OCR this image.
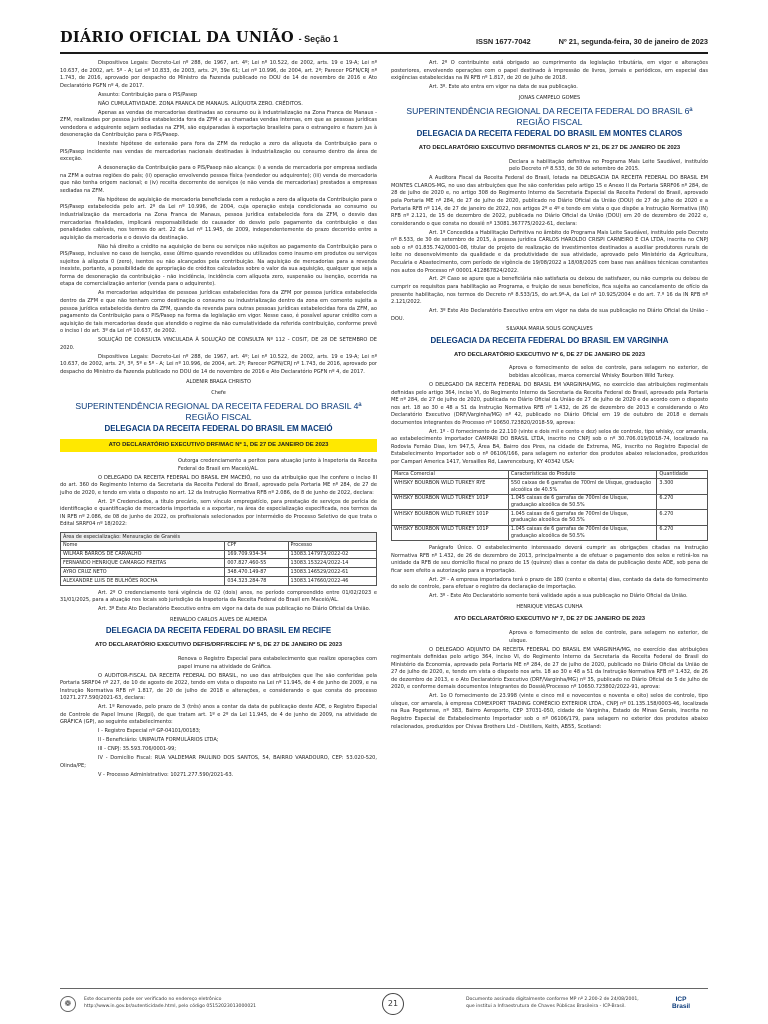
DIÁRIO OFICIAL DA UNIÃO - Seção 1	ISSN 1677-7042	Nº 21, segunda-feira, 30 de janeiro de 2023

Dispositivos Legais: Decreto-Lei nº 288, de 1967, art. 4º; Lei nº 10.522, de 2002, arts. 19 e 19-A; Lei nº 10.637, de 2002, art. 5º - A; Lei nº 10.833, de 2003, arts. 2º, 39e 61; Lei nº 10.996, de 2004, art. 2º; Parecer PGFN/CRJ nº 1.743, de 2016, aprovado por despacho do Ministro da Fazenda publicado no DOU de 14 de novembro de 2016 e Ato Declaratório PGFN nº 4, de 2017.

Assunto: Contribuição para o PIS/Pasep

NÃO CUMULATIVIDADE. ZONA FRANCA DE MANAUS. ALÍQUOTA ZERO. CRÉDITOS.

Apenas as vendas de mercadorias destinadas ao consumo ou à industrialização na Zona Franca de Manaus - ZFM, realizadas por pessoa jurídica estabelecida fora da ZFM e as chamadas vendas internas, em que as pessoas jurídicas vendedora e adquirente sejam sediadas na ZFM, são equiparadas à exportação brasileira para o estrangeiro e fazem jus à desoneração da Contribuição para o PIS/Pasep.

Inexiste hipótese de extensão para fora da ZFM da redução a zero da alíquota da Contribuição para o PIS/Pasep incidente nas vendas de mercadorias nacionais destinadas à industrialização ou consumo dentro da área de exceção.

A desoneração da Contribuição para o PIS/Pasep não alcança: i) a venda de mercadoria por empresa sediada na ZFM a outras regiões do país; (ii) operação envolvendo pessoa física (vendedor ou adquirente); (iii) venda de mercadoria que não tenha origem nacional; e (iv) receita decorrente de serviços (e não venda de mercadorias) prestados a empresas sediadas na ZFM.

Na hipótese de aquisição de mercadoria beneficiada com a redução a zero da alíquota da Contribuição para o PIS/Pasep estabelecida pelo art. 2º da Lei nº 10.996, de 2004, cuja operação esteja condicionada ao consumo ou industrialização da mercadoria na Zona Franca de Manaus, pessoa jurídica estabelecida fora da ZFM, o desvio das mercadorias finalidades, implicará responsabilidade do causador do desvio pelo pagamento da contribuição e das penalidades cabíveis, nos termos do art. 22 da Lei nº 11.945, de 2009, independentemente do prazo decorrido entre a aquisição da mercadoria e o desvio da destinação.

Não há direito a crédito na aquisição de bens ou serviços não sujeitos ao pagamento da Contribuição para o PIS/Pasep, inclusive no caso de isenção, esse último quando revendidos ou utilizados como insumo em produtos ou serviços sujeitos à alíquota 0 (zero), isentos ou não alcançados pela contribuição. Na aquisição de mercadorias para a revenda inexiste, portanto, a possibilidade de apropriação de créditos calculados sobre o valor da sua aquisição, qualquer que seja a forma de desoneração da contribuição - não incidência, incidência com alíquota zero, suspensão ou isenção, ocorrida na etapa de comercialização anterior (venda para o adquirente).

As mercadorias adquiridas de pessoas jurídicas estabelecidas fora da ZFM por pessoa jurídica estabelecida dentro da ZFM e que não tenham como destinação o consumo ou industrialização dentro da zona em comento sujeita a pessoa jurídica estabelecida dentro da ZFM, quando da revenda para outras pessoas jurídicas estabelecidas fora da ZFM, ao pagamento da Contribuição para o PIS/Pasep na forma da legislação em vigor. Nesse caso, é possível apurar crédito com a aquisição de tais mercadorias desde que atendido o regime da não cumulatividade da referida contribuição, conforme prevê o inciso I do art. 3º da Lei nº 10.637, de 2002.

SOLUÇÃO DE CONSULTA VINCULADA À SOLUÇÃO DE CONSULTA Nº 112 - COSIT, DE 28 DE SETEMBRO DE 2020.

Dispositivos Legais: Decreto-Lei nº 288, de 1967, art. 4º; Lei nº 10.522, de 2002, arts. 19 e 19-A; Lei nº 10.637, de 2002, arts. 2º, 3º, 5º e 5º - A; Lei nº 10.996, de 2004, art. 2º; Parecer PGFN/CRJ nº 1.743, de 2016, aprovado por despacho do Ministro da Fazenda publicado no DOU de 14 de novembro de 2016 e Ato Declaratório PGFN nº 4, de 2017.

ALDENIR BRAGA CHRISTO
Chefe
SUPERINTENDÊNCIA REGIONAL DA RECEITA FEDERAL DO BRASIL 4ª REGIÃO FISCAL
DELEGACIA DA RECEITA FEDERAL DO BRASIL EM MACEIÓ
ATO DECLARATÓRIO EXECUTIVO DRF/MAC Nº 1, DE 27 DE JANEIRO DE 2023

Outorga credenciamento a peritos para atuação junto à Inspetoria da Receita Federal do Brasil em Maceió/AL.

O DELEGADO DA RECEITA FEDERAL DO BRASIL EM MACEIÓ, no uso da atribuição que lhe confere o inciso III do art. 360 do Regimento Interno da Secretaria da Receita Federal do Brasil, aprovado pela Portaria ME nº 284, de 27 de julho de 2020, e tendo em vista o disposto no art. 12 da Instrução Normativa RFB nº 2.086, de 8 de junho de 2022, declara:

Art. 1º Credenciados, a título precário, sem vínculo empregatício, para prestação de serviços de perícia de identificação e quantificação de mercadoria importada e a exportar, na área de especialização especificada, nos termos da IN RFB nº 2.086, de 08 de junho de 2022, os profissionais selecionados por intermédio do Processo Seletivo de que trata o Edital SRRF04 nº 18/2022:

Área de especialização: Mensuração de Granéis		
Nome	CPF	Processo
WILMAR BARROS DE CARVALHO	169.709.934-34	13083.147973/2022-02
FERNANDO HENRIQUE CAMARGO FREITAS	007.827.460-55	13083.153224/2022-14
AYRO CRUZ NETO	348.470.149-87	13083.146529/2022-61
ALEXANDRE LUIS DE BULHÕES ROCHA	034.323.284-78	13083.147660/2022-46

Art. 2º O credenciamento terá vigência de 02 (dois) anos, no período compreendido entre 01/02/2023 e 31/01/2025, para a atuação nos locais sob jurisdição da Inspetoria da Receita Federal do Brasil em Maceió/AL.

Art. 3º Este Ato Declaratório Executivo entra em vigor na data de sua publicação no Diário Oficial da União.

REINALDO CARLOS ALVES DE ALMEIDA
DELEGACIA DA RECEITA FEDERAL DO BRASIL EM RECIFE
ATO DECLARATÓRIO EXECUTIVO DEFIS/DRF/RECIFE Nº 5, DE 27 DE JANEIRO DE 2023

Renova o Registro Especial para estabelecimento que realize operações com papel imune na atividade de Gráfica.

O AUDITOR-FISCAL DA RECEITA FEDERAL DO BRASIL, no uso das atribuições que lhe são conferidas pela Portaria SRRF04 nº 227, de 10 de agosto de 2022, tendo em vista o disposto na Lei nº 11.945, de 4 de junho de 2009, e na Instrução Normativa RFB nº 1.817, de 20 de julho de 2018 e alterações, e considerando o que consta do processo 10271.277.590/2021-63, declara:

Art. 1º Renovado, pelo prazo de 3 (três) anos a contar da data de publicação deste ADE, o Registro Especial de Controle de Papel Imune (Regpi), de que tratam art. 1º e 2º da Lei 11.945, de 4 de junho de 2009, na atividade de GRÁFICA (GP), ao seguinte estabelecimento:

I - Registro Especial nº GP-04101/00183;

II - Beneficiário: UNIPAUTA FORMULÁRIOS LTDA;

III - CNPJ: 35.593.706/0001-99;

IV - Domicílio Fiscal: RUA VALDEMAR PAULINO DOS SANTOS, 54, BAIRRO VARADOURO, CEP: 53.020-520, Olinda/PE;

V - Processo Administrativo: 10271.277.590/2021-63.

Art. 2º O contribuinte está obrigado ao cumprimento da legislação tributária, em vigor e alterações posteriores, envolvendo operações com o papel destinado à impressão de livros, jornais e periódicos, em especial das exigências estabelecidas na IN RFB nº 1.817, de 20 de julho de 2018.

Art. 3º. Este ato entra em vigor na data de sua publicação.

JONAS CAMPELO GOMES
SUPERINTENDÊNCIA REGIONAL DA RECEITA FEDERAL DO BRASIL 6ª REGIÃO FISCAL
DELEGACIA DA RECEITA FEDERAL DO BRASIL EM MONTES CLAROS
ATO DECLARATÓRIO EXECUTIVO DRF/MONTES CLAROS Nº 21, DE 27 DE JANEIRO DE 2023

Declara a habilitação definitiva no Programa Mais Leite Saudável, instituído pelo Decreto nº 8.533, de 30 de setembro de 2015.

A Auditora Fiscal da Receita Federal do Brasil, lotada na DELEGACIA DA RECEITA FEDERAL DO BRASIL EM MONTES CLAROS-MG, no uso das atribuições que lhe são conferidas pelo artigo 15 e Anexo II da Portaria SRRF06 nº 284, de 28 de julho de 2020 e, no artigo 308 do Regimento Interno da Secretaria Especial da Receita Federal do Brasil, aprovado pela Portaria ME nº 284, de 27 de julho de 2020, publicado no Diário Oficial da União (DOU) de 27 de julho de 2020 e a Portaria RFB nº 114, de 27 de janeiro de 2022, nos artigos 2º e 4º e tendo em vista o que dispõe a Instrução Normativa (IN) RFB nº 2.121, de 15 de dezembro de 2022, publicada no Diário Oficial da União (DOU) em 20 de dezembro de 2022 e, considerando o que consta no dossiê nº 13081.367775/2022-61, declara:

Art. 1º Concedida a Habilitação Definitiva no âmbito do Programa Mais Leite Saudável, instituído pelo Decreto nº 8.533, de 30 de setembro de 2015, à pessoa jurídica CARLOS HAROLDO CRISPI CARNEIRO E CIA LTDA, inscrita no CNPJ sob o nº 01.835.742/0001-08, titular de projeto de realização de investimentos destinados a auxiliar produtores rurais de leite no desenvolvimento da qualidade e da produtividade de sua atividade, aprovado pelo Ministério da Agricultura, Pecuária e Abastecimento, com período de vigência de 19/08/2022 a 18/08/2025 com base nas análises técnicas constantes nos autos do Processo nº 00001.412867824/2022.

Art. 2º Caso se apure que a beneficiária não satisfazia ou deixou de satisfazer, ou não cumpria ou deixou de cumprir os requisitos para habilitação ao Programa, e fruição de seus benefícios, fica sujeita ao cancelamento de ofício da presente habilitação, nos termos do Decreto nº 8.533/15, do art.9º-A, da Lei nº 10.925/2004 e do art. 7.º 16 da IN RFB nº 2.121/2022.

Art. 3º Este Ato Declaratório Executivo entra em vigor na data de sua publicação no Diário Oficial da União - DOU.

SILVANA MARIA SOLIS GONÇALVES
DELEGACIA DA RECEITA FEDERAL DO BRASIL EM VARGINHA
ATO DECLARATÓRIO EXECUTIVO Nº 6, DE 27 DE JANEIRO DE 2023

Aprova o fornecimento de selos de controle, para selagem no exterior, de bebidas alcoólicas, marca comercial Whisky Bourbon Wild Turkey.

O DELEGADO DA RECEITA FEDERAL DO BRASIL EM VARGINHA/MG, no exercício das atribuições regimentais definidas pelo artigo 364, inciso VI, do Regimento Interno da Secretaria da Receita Federal do Brasil, aprovado pela Portaria ME nº 284, de 27 de julho de 2020, publicada no Diário Oficial da União de 27 de julho de 2020 e de acordo com o disposto nos art. 18 ao 30 e 48 a 51 da Instrução Normativa RFB nº 1.432, de 26 de dezembro de 2013 e considerando o Ato Declaratório Executivo (DRF/Varginha/MG) nº 42, publicado no Diário Oficial em 19 de outubro de 2018 e demais documentos integrantes do Processo nº 10650.723820/2018-59, aprova:

Art. 1º - O fornecimento de 22.110 (vinte e dois mil e cento e dez) selos de controle, tipo whisky, cor amarela, ao estabelecimento importador CAMPARI DO BRASIL LTDA, inscrito no CNPJ sob o nº 30.706.019/0018-74, localizado na Rodovia Fernão Dias, km 947,5, Área B4, Bairro dos Pires, na cidade de Extrema, MG, inscrito no Registro Especial de Estabelecimento Importador sob o nº 06106/166, para selagem no exterior dos produtos abaixo relacionados, produzidos por Campari America 1417, Versailles Rd, Lawrenceburg, KY 40342 USA:

Marca Comercial	Características do Produto	Quantidade
WHISKY BOURBON WILD TURKEY RYE	550 caixas de 6 garrafas de 700ml de Uísque, graduação alcoólica de 40.5%	3.300
WHISKY BOURBON WILD TURKEY 101P	1.045 caixas de 6 garrafas de 700ml de Uísque, graduação alcoólica de 50.5%	6.270
WHISKY BOURBON WILD TURKEY 101P	1.045 caixas de 6 garrafas de 700ml de Uísque, graduação alcoólica de 50.5%	6.270
WHISKY BOURBON WILD TURKEY 101P	1.045 caixas de 6 garrafas de 700ml de Uísque, graduação alcoólica de 50.5%	6.270

Parágrafo Único. O estabelecimento interessado deverá cumprir as obrigações citadas na Instrução Normativa RFB nº 1.432, de 26 de dezembro de 2013, principalmente a de efetuar o pagamento dos selos e retirá-los na unidade da RFB de seu domicílio fiscal no prazo de 15 (quinze) dias a contar da data de publicação deste ADE, sob pena de ficar sem efeito a autorização para a importação.

Art. 2º - A empresa importadora terá o prazo de 180 (cento e oitenta) dias, contado da data do fornecimento do selo de controle, para efetuar o registro da declaração de importação.

Art. 3º - Este Ato Declaratório somente terá validade após a sua publicação no Diário Oficial da União.

HENRIQUE VIEGAS CUNHA
ATO DECLARATÓRIO EXECUTIVO Nº 7, DE 27 DE JANEIRO DE 2023

Aprova o fornecimento de selos de controle, para selagem no exterior, de uísque.

O DELEGADO ADJUNTO DA RECEITA FEDERAL DO BRASIL EM VARGINHA/MG, no exercício das atribuições regimentais definidas pelo artigo 364, inciso VI, do Regimento Interno da Secretaria da Receita Federal do Brasil do Ministério da Economia, aprovado pela Portaria ME nº 284, de 27 de julho de 2020, publicado no Diário Oficial da União de 27 de julho de 2020, e, tendo em vista o disposto nos arts. 18 ao 30 e 48 a 51 da Instrução Normativa RFB nº 1.432, de 26 de dezembro de 2013, e o Ato Declaratório Executivo (DRF/Varginha/MG) nº 35, publicado no Diário Oficial de 5 de julho de 2020, e conforme demais documentos integrantes do Dossiê/Processo nº 10650.723802/2022-91, aprova:

Art. 1o O fornecimento de 23.998 (vinte e cinco mil e novecentos e noventa e oito) selos de controle, tipo uísque, cor amarela, à empresa COMEXPORT TRADING COMÉRCIO EXTERIOR LTDA., CNPJ nº 01.135.158/0003-46, localizada na Rua Pogetense, nº 383, Bairro Aeroporto, CEP 37031-050, cidade de Varginha, Estado de Minas Gerais, inscrita no Registro Especial de Estabelecimento Importador sob o nº 06106/179, para selagem no exterior dos produtos abaixo relacionados, produzidos por Chivas Brothers Ltd - Distillers, Keith, AB55, Scotland:

❁	Este documento pode ser verificado no endereço eletrônico
http://www.in.gov.br/autenticidade.html, pelo código 05152023013000021	21	Documento assinado digitalmente conforme MP nº 2.200-2 de 24/08/2001,
que institui a Infraestrutura de Chaves Públicas Brasileira - ICP-Brasil.
ICP
Brasil
